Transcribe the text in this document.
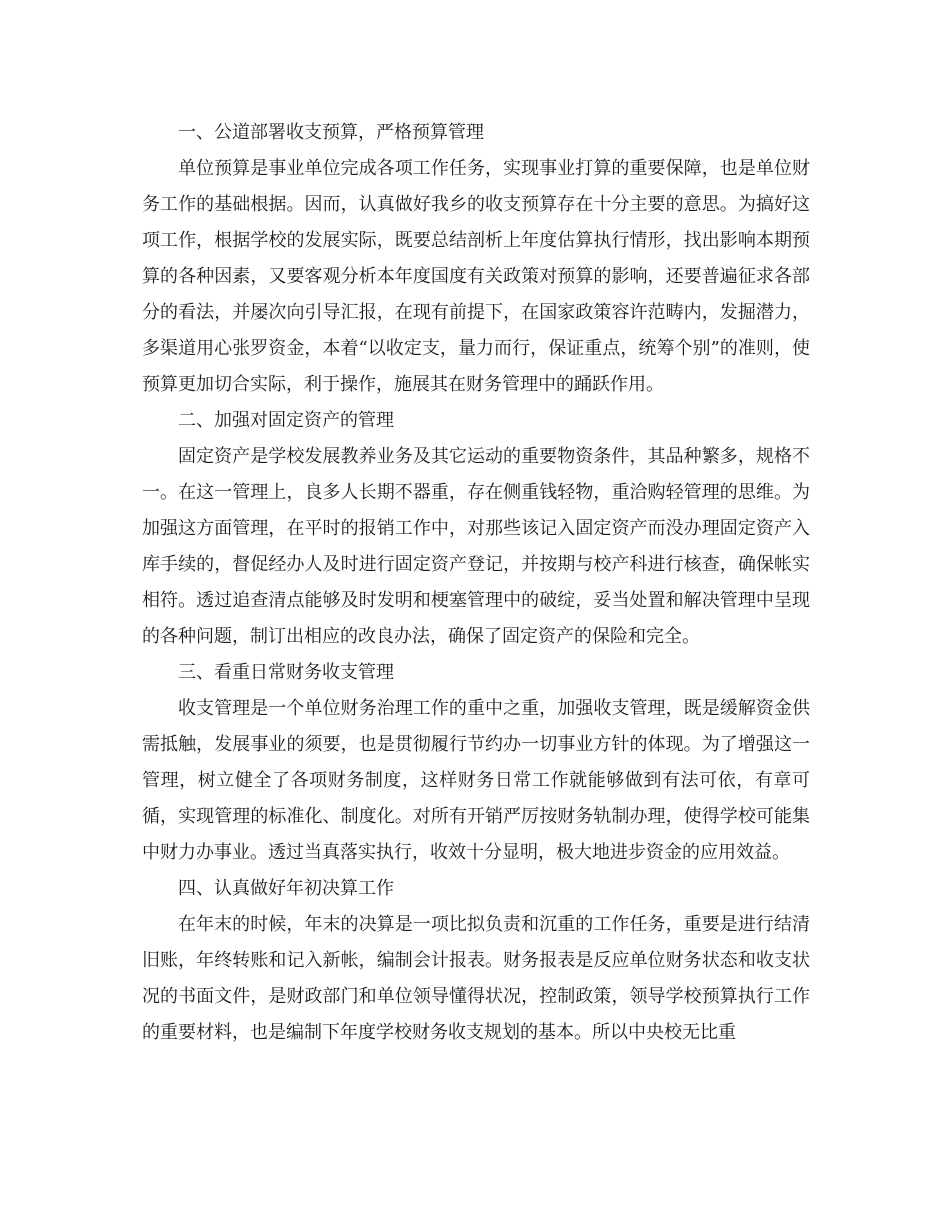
一、公道部署收支预算，严格预算管理

单位预算是事业单位完成各项工作任务，实现事业打算的重要保障，也是单位财务工作的基础根据。因而，认真做好我乡的收支预算存在十分主要的意思。为搞好这项工作，根据学校的发展实际，既要总结剖析上年度估算执行情形，找出影响本期预算的各种因素，又要客观分析本年度国度有关政策对预算的影响，还要普遍征求各部分的看法，并屡次向引导汇报，在现有前提下，在国家政策容许范畴内，发掘潜力，多渠道用心张罗资金，本着“以收定支，量力而行，保证重点，统筹个别”的准则，使预算更加切合实际，利于操作，施展其在财务管理中的踊跃作用。

二、加强对固定资产的管理

固定资产是学校发展教养业务及其它运动的重要物资条件，其品种繁多，规格不一。在这一管理上，良多人长期不器重，存在侧重钱轻物，重洽购轻管理的思维。为加强这方面管理，在平时的报销工作中，对那些该记入固定资产而没办理固定资产入库手续的，督促经办人及时进行固定资产登记，并按期与校产科进行核查，确保帐实相符。透过追查清点能够及时发明和梗塞管理中的破绽，妥当处置和解决管理中呈现的各种问题，制订出相应的改良办法，确保了固定资产的保险和完全。

三、看重日常财务收支管理

收支管理是一个单位财务治理工作的重中之重，加强收支管理，既是缓解资金供需抵触，发展事业的须要，也是贯彻履行节约办一切事业方针的体现。为了增强这一管理，树立健全了各项财务制度，这样财务日常工作就能够做到有法可依，有章可循，实现管理的标准化、制度化。对所有开销严厉按财务轨制办理，使得学校可能集中财力办事业。透过当真落实执行，收效十分显明，极大地进步资金的应用效益。

四、认真做好年初决算工作

在年末的时候，年末的决算是一项比拟负责和沉重的工作任务，重要是进行结清旧账，年终转账和记入新帐，编制会计报表。财务报表是反应单位财务状态和收支状况的书面文件，是财政部门和单位领导懂得状况，控制政策，领导学校预算执行工作的重要材料，也是编制下年度学校财务收支规划的基本。所以中央校无比重
